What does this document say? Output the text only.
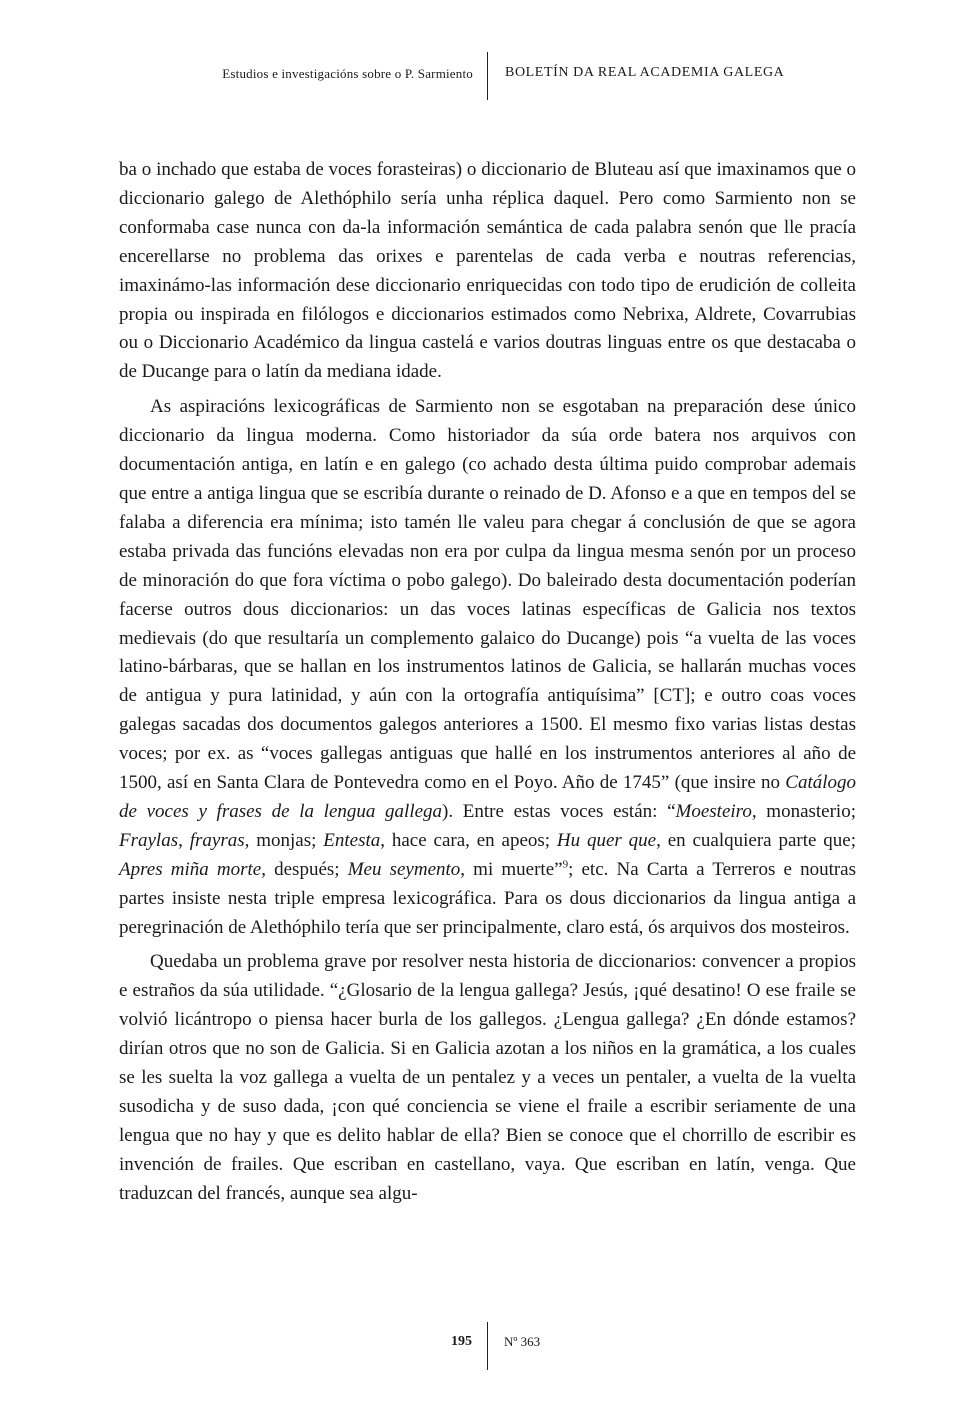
Estudios e investigacións sobre o P. Sarmiento BOLETÍN DA REAL ACADEMIA GALEGA

ba o inchado que estaba de voces forasteiras) o diccionario de Bluteau así que imaxinamos que o diccionario galego de Alethóphilo sería unha réplica daquel. Pero como Sarmiento non se conformaba case nunca con da-la información semántica de cada palabra senón que lle pracía encerellarse no problema das orixes e parentelas de cada verba e noutras referencias, imaxinámo-las información dese diccionario enriquecidas con todo tipo de erudición de colleita propia ou inspirada en filólogos e diccionarios estimados como Nebrixa, Aldrete, Covarrubias ou o Diccionario Académico da lingua castelá e varios doutras linguas entre os que destacaba o de Ducange para o latín da mediana idade.

As aspiracións lexicográficas de Sarmiento non se esgotaban na preparación dese único diccionario da lingua moderna. Como historiador da súa orde batera nos arquivos con documentación antiga, en latín e en galego (co achado desta última puido comprobar ademais que entre a antiga lingua que se escribía durante o reinado de D. Afonso e a que en tempos del se falaba a diferencia era mínima; isto tamén lle valeu para chegar á conclusión de que se agora estaba privada das funcións elevadas non era por culpa da lingua mesma senón por un proceso de minoración do que fora víctima o pobo galego). Do baleirado desta documentación poderían facerse outros dous diccionarios: un das voces latinas específicas de Galicia nos textos medievais (do que resultaría un complemento galaico do Ducange) pois “a vuelta de las voces latino-bárbaras, que se hallan en los instrumentos latinos de Galicia, se hallarán muchas voces de antigua y pura latinidad, y aún con la ortografía antiquísima” [CT]; e outro coas voces galegas sacadas dos documentos galegos anteriores a 1500. El mesmo fixo varias listas destas voces; por ex. as “voces gallegas antiguas que hallé en los instrumentos anteriores al año de 1500, así en Santa Clara de Pontevedra como en el Poyo. Año de 1745” (que insire no Catálogo de voces y frases de la lengua gallega). Entre estas voces están: “Moesteiro, monasterio; Fraylas, frayras, monjas; Entesta, hace cara, en apeos; Hu quer que, en cualquiera parte que; Apres miña morte, después; Meu seymento, mi muerte”$^9$; etc. Na Carta a Terreros e noutras partes insiste nesta triple empresa lexicográfica. Para os dous diccionarios da lingua antiga a peregrinación de Alethóphilo tería que ser principalmente, claro está, ós arquivos dos mosteiros.

Quedaba un problema grave por resolver nesta historia de diccionarios: convencer a propios e estraños da súa utilidade. “¿Glosario de la lengua gallega? Jesús, ¡qué desatino! O ese fraile se volvió licántropo o piensa hacer burla de los gallegos. ¿Lengua gallega? ¿En dónde estamos? dirían otros que no son de Galicia. Si en Galicia azotan a los niños en la gramática, a los cuales se les suelta la voz gallega a vuelta de un pentalez y a veces un pentaler, a vuelta de la vuelta susodicha y de suso dada, ¡con qué conciencia se viene el fraile a escribir seriamente de una lengua que no hay y que es delito hablar de ella? Bien se conoce que el chorrillo de escribir es invención de frailes. Que escriban en castellano, vaya. Que escriban en latín, venga. Que traduzcan del francés, aunque sea algu-

195 Nº 363
